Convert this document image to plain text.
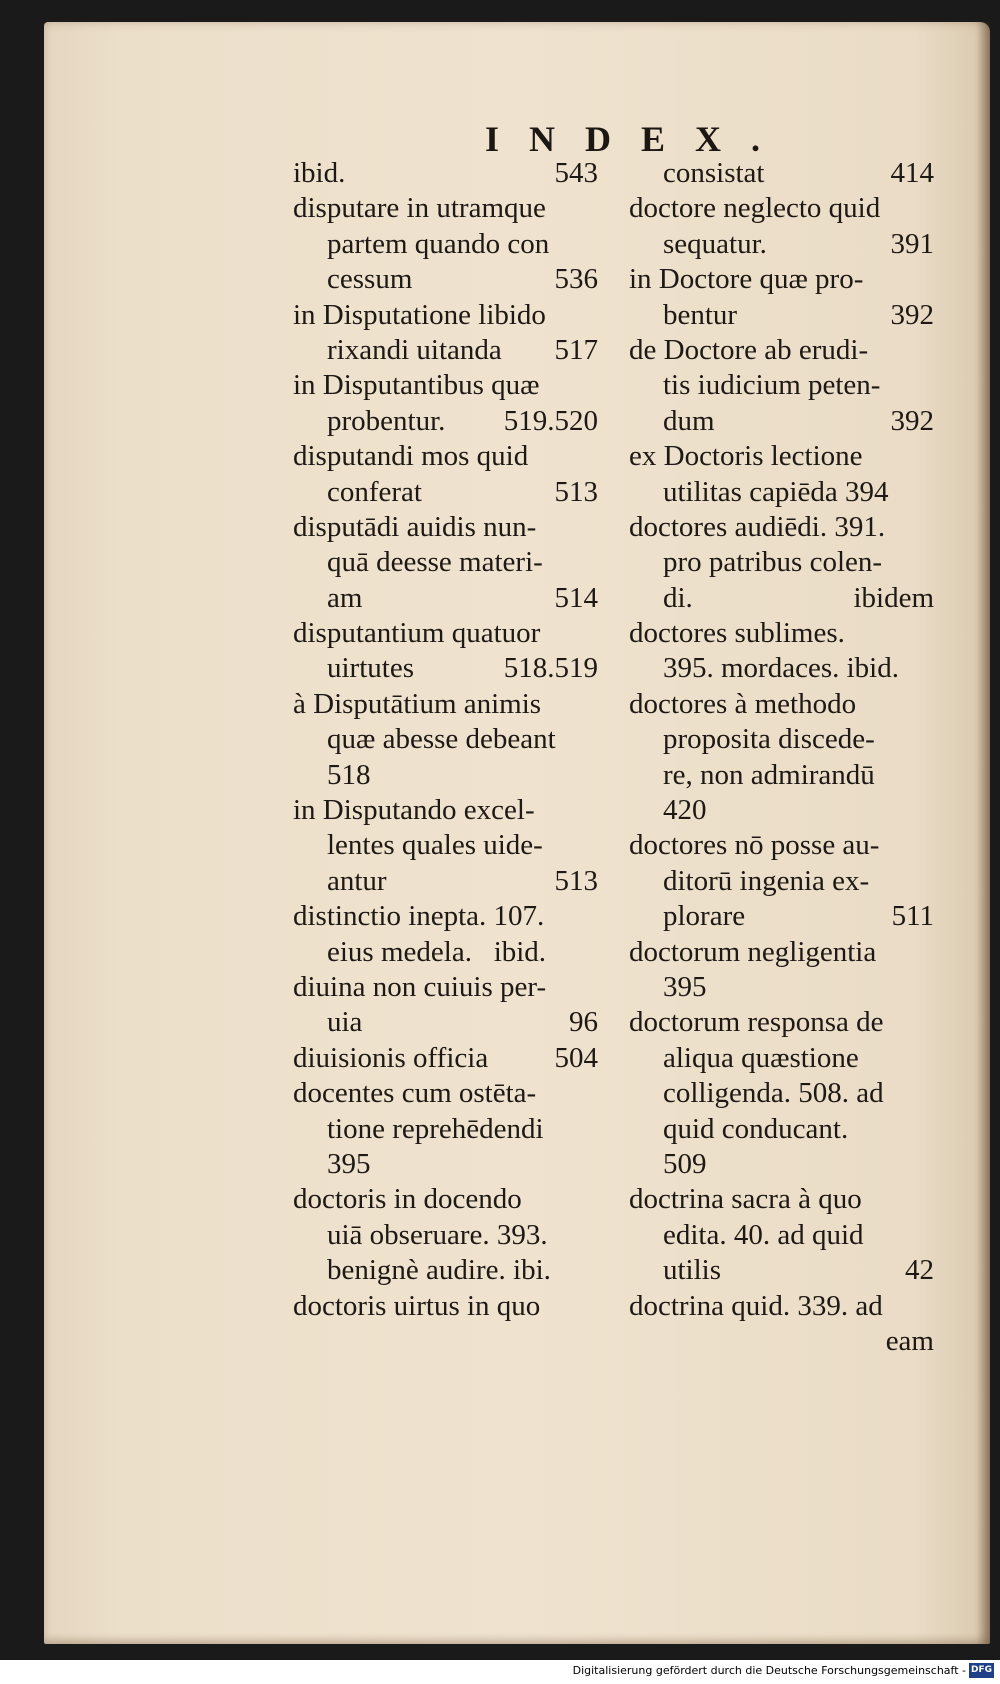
INDEX.
ibid.	543
disputare in utramque
partem quando con
cessum	536
in Disputatione libido
rixandi uitanda	517
in Disputantibus quæ
probentur.	519.520
disputandi mos quid
conferat	513
disputādi auidis nun-
quā deesse materi-
am	514
disputantium quatuor
uirtutes	518.519
à Disputātium animis
quæ abesse debeant
518
in Disputando excel-
lentes quales uide-
antur	513
distinctio inepta. 107.
eius medela.   ibid.
diuina non cuiuis per-
uia	96
diuisionis officia	504
docentes cum ostēta-
tione reprehēdendi
395
doctoris in docendo
uiā obseruare. 393.
benignè audire. ibi.
doctoris uirtus in quo
consistat	414
doctore neglecto quid
sequatur.	391
in Doctore quæ pro-
bentur	392
de Doctore ab erudi-
tis iudicium peten-
dum	392
ex Doctoris lectione
utilitas capiēda 394
doctores audiēdi. 391.
pro patribus colen-
di.	ibidem
doctores sublimes.
395. mordaces. ibid.
doctores à methodo
proposita discede-
re, non admirandū
420
doctores nō posse au-
ditorū ingenia ex-
plorare	511
doctorum negligentia
395
doctorum responsa de
aliqua quæstione
colligenda. 508. ad
quid conducant.
509
doctrina sacra à quo
edita. 40. ad quid
utilis	42
doctrina quid. 339. ad
eam
Digitalisierung gefördert durch die Deutsche Forschungsgemeinschaft - DFG
